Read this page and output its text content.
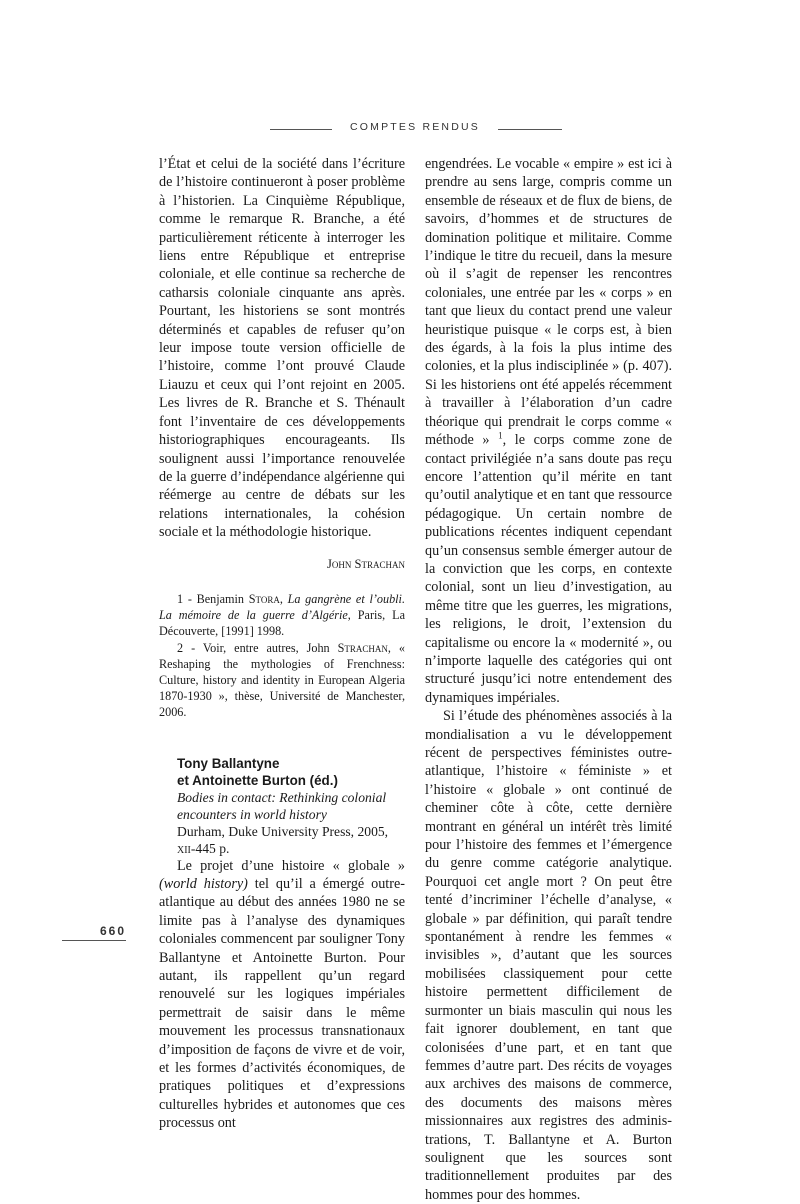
COMPTES RENDUS

l’État et celui de la société dans l’écriture de l’histoire continueront à poser problème à l’historien. La Cinquième République, comme le remarque R. Branche, a été particulièrement réticente à interroger les liens entre République et entreprise coloniale, et elle continue sa recherche de catharsis coloniale cinquante ans après. Pourtant, les historiens se sont montrés déterminés et capables de refuser qu’on leur impose toute version officielle de l’histoire, comme l’ont prouvé Claude Liauzu et ceux qui l’ont rejoint en 2005. Les livres de R. Branche et S. Thénault font l’inventaire de ces développements historiographiques encourageants. Ils soulignent aussi l’importance renouvelée de la guerre d’indépendance algérienne qui réémerge au centre de débats sur les relations internationales, la cohésion sociale et la méthodologie historique.

John Strachan

1 - Benjamin Stora, La gangrène et l’oubli. La mémoire de la guerre d’Algérie, Paris, La Découverte, [1991] 1998.

2 - Voir, entre autres, John Strachan, « Reshaping the mythologies of Frenchness: Culture, history and identity in European Algeria 1870-1930 », thèse, Université de Manchester, 2006.

Tony Ballantyne
et Antoinette Burton (éd.)
Bodies in contact: Rethinking colonial encounters in world history
Durham, Duke University Press, 2005,
xii-445 p.

Le projet d’une histoire « globale » (world history) tel qu’il a émergé outre-atlantique au début des années 1980 ne se limite pas à l’analyse des dynamiques coloniales commencent par souligner Tony Ballantyne et Antoinette Burton. Pour autant, ils rappellent qu’un regard renouvelé sur les logiques impériales permettrait de saisir dans le même mouvement les processus transnationaux d’imposition de façons de vivre et de voir, et les formes d’activités économiques, de pratiques politiques et d’expressions culturelles hybrides et autonomes que ces processus ont

engendrées. Le vocable « empire » est ici à prendre au sens large, compris comme un ensemble de réseaux et de flux de biens, de savoirs, d’hommes et de structures de domination politique et militaire. Comme l’indique le titre du recueil, dans la mesure où il s’agit de repenser les rencontres coloniales, une entrée par les « corps » en tant que lieux du contact prend une valeur heuristique puisque « le corps est, à bien des égards, à la fois la plus intime des colonies, et la plus indisciplinée » (p. 407). Si les historiens ont été appelés récemment à travailler à l’élaboration d’un cadre théorique qui prendrait le corps comme « méthode » $^1$, le corps comme zone de contact privilégiée n’a sans doute pas reçu encore l’attention qu’il mérite en tant qu’outil analytique et en tant que ressource pédagogique. Un certain nombre de publications récentes indiquent cependant qu’un consensus semble émerger autour de la conviction que les corps, en contexte colonial, sont un lieu d’investigation, au même titre que les guerres, les migrations, les religions, le droit, l’extension du capitalisme ou encore la « modernité », ou n’importe laquelle des catégories qui ont structuré jusqu’ici notre entendement des dynamiques impériales.

Si l’étude des phénomènes associés à la mondialisation a vu le développement récent de perspectives féministes outre-atlantique, l’histoire « féministe » et l’histoire « globale » ont continué de cheminer côte à côte, cette dernière montrant en général un intérêt très limité pour l’histoire des femmes et l’émergence du genre comme catégorie analytique. Pourquoi cet angle mort ? On peut être tenté d’incriminer l’échelle d’analyse, « globale » par définition, qui paraît tendre spontanément à rendre les femmes « invisibles », d’autant que les sources mobilisées classiquement pour cette histoire permettent difficilement de surmonter un biais masculin qui nous les fait ignorer doublement, en tant que colonisées d’une part, et en tant que femmes d’autre part. Des récits de voyages aux archives des maisons de commerce, des documents des maisons mères missionnaires aux registres des administrations, T. Ballantyne et A. Burton soulignent que les sources sont traditionnellement produites par des hommes pour des hommes.

660
